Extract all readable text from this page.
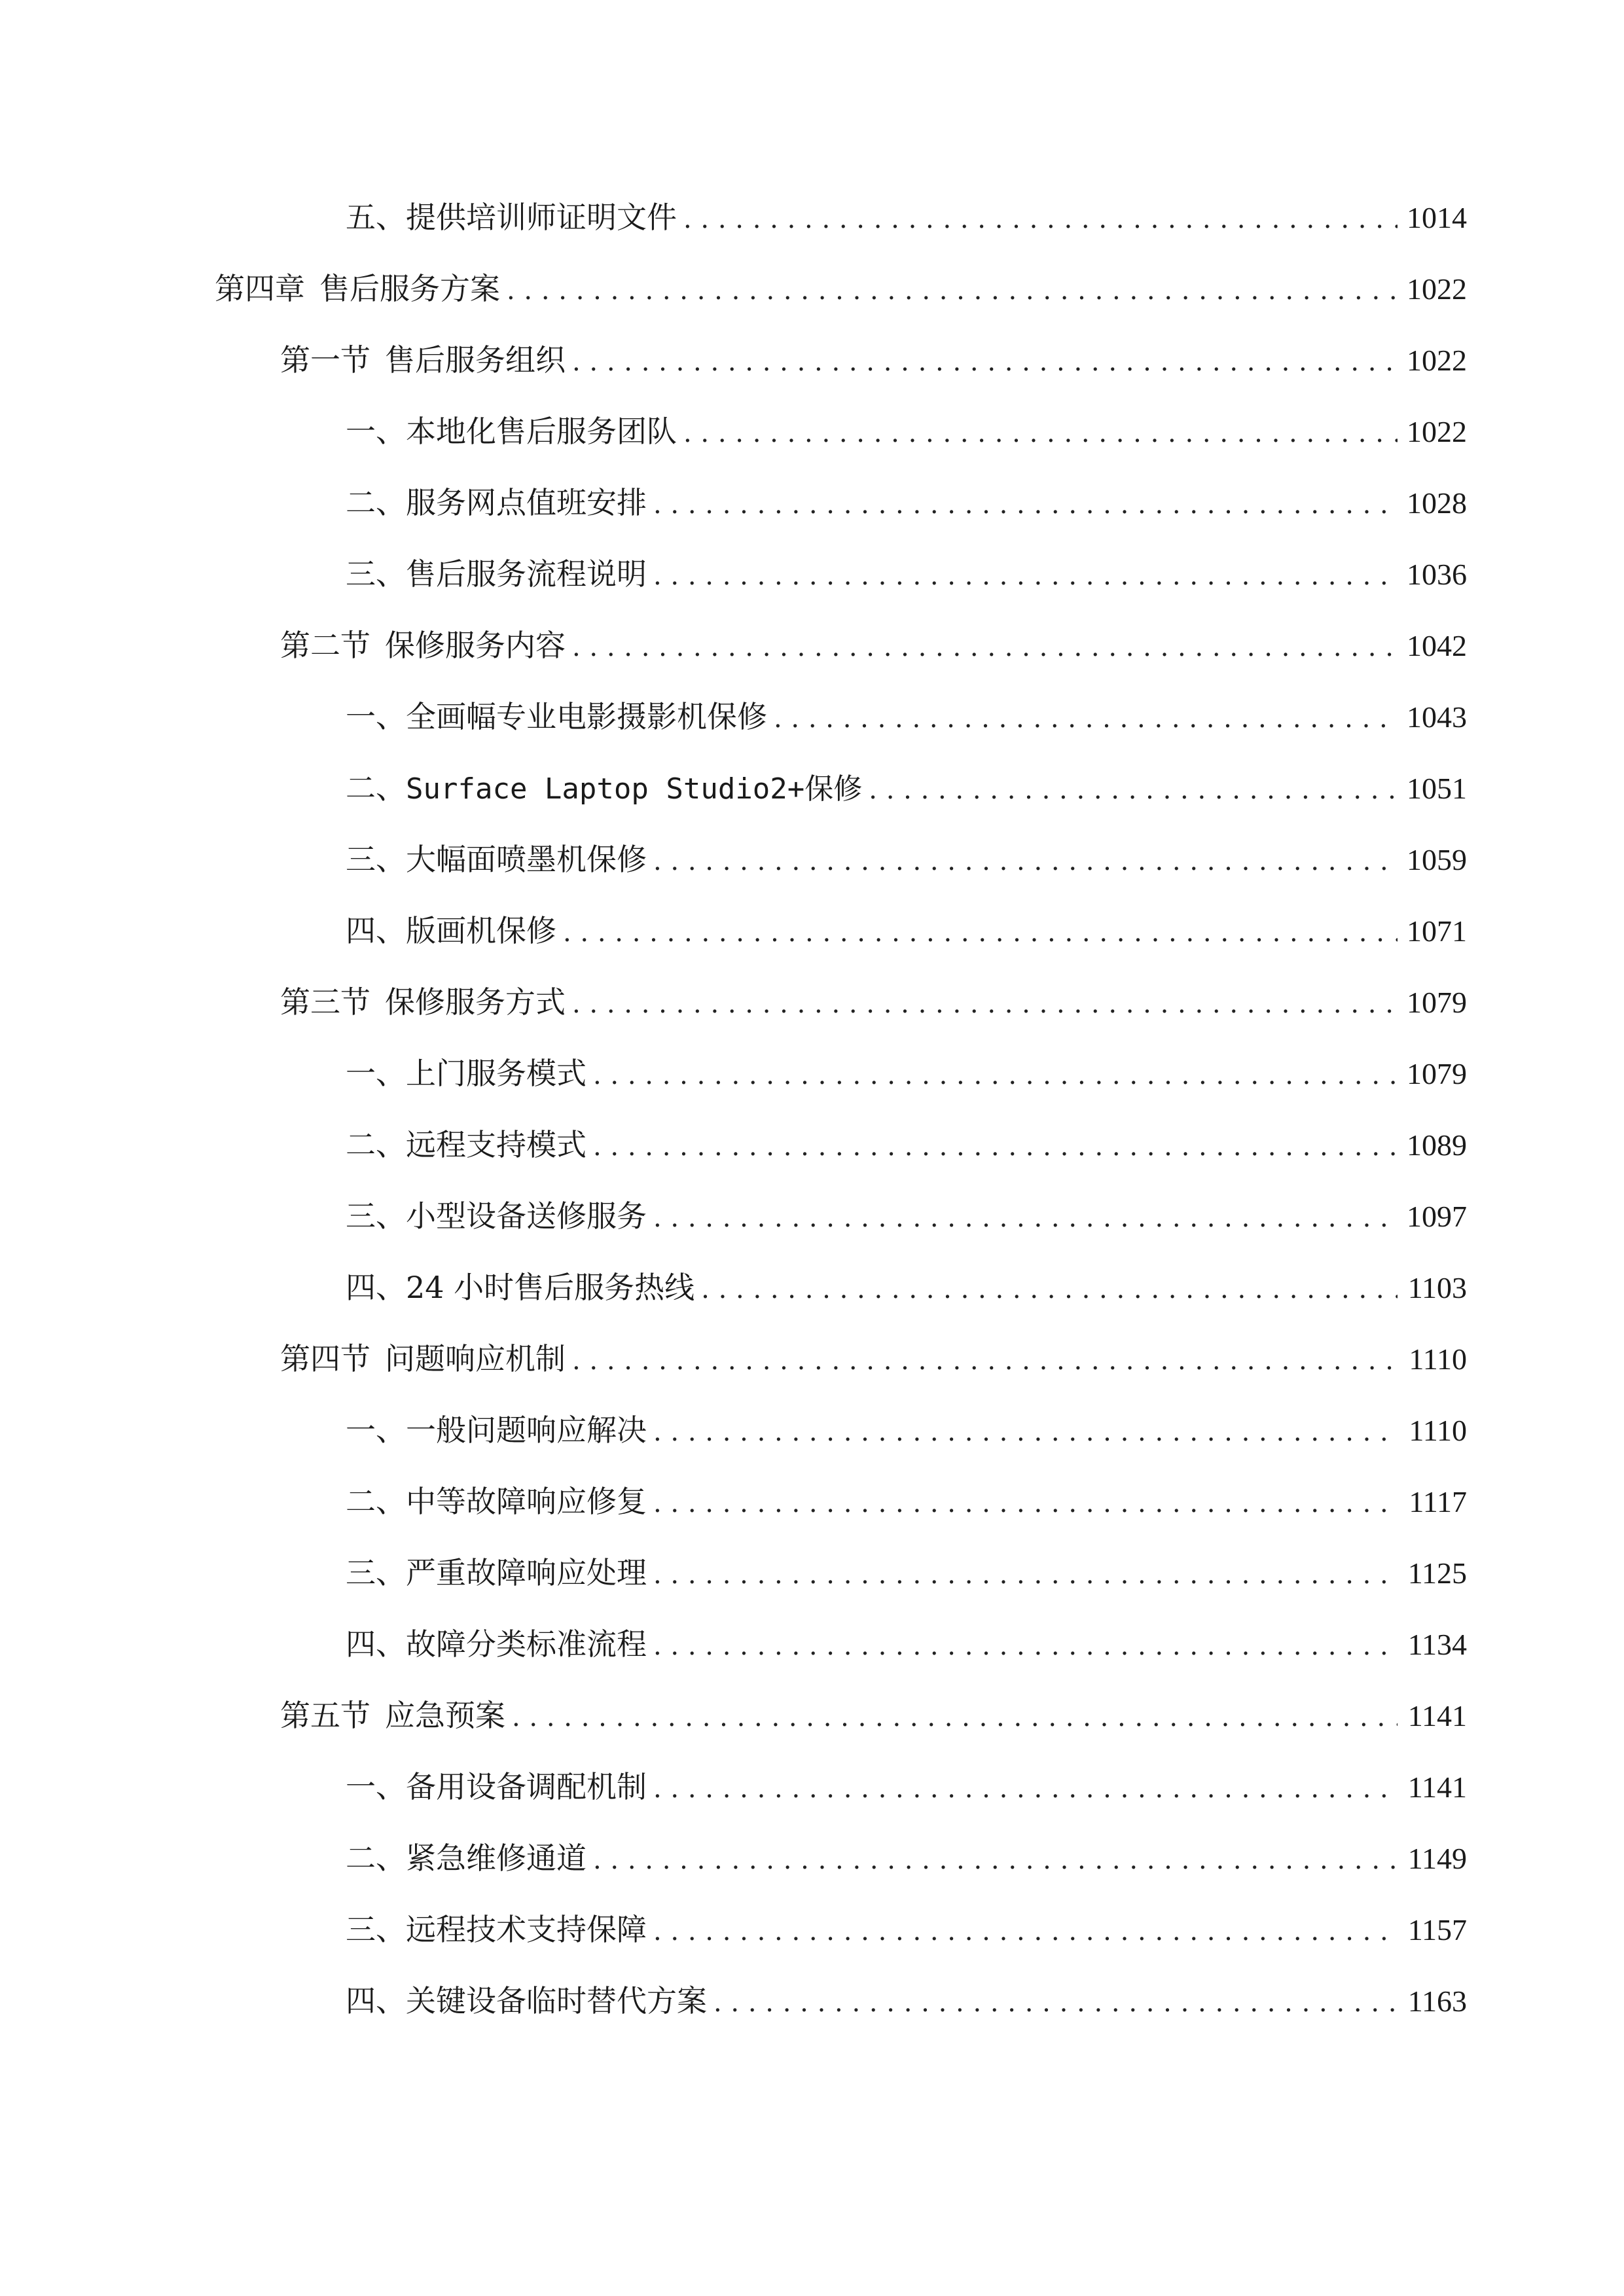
五、 提供培训师证明文件 . . .	1014
第四章 售后服务方案 . . .	1022
第一节 售后服务组织 . . .	1022
一、 本地化售后服务团队 . . .	1022
二、 服务网点值班安排 . . .	1028
三、 售后服务流程说明 . . .	1036
第二节 保修服务内容 . . .	1042
一、 全画幅专业电影摄影机保修 . . .	1043
二、 Surface Laptop Studio2+保修 . . .	1051
三、 大幅面喷墨机保修 . . .	1059
四、 版画机保修 . . .	1071
第三节 保修服务方式 . . .	1079
一、 上门服务模式 . . .	1079
二、 远程支持模式 . . .	1089
三、 小型设备送修服务 . . .	1097
四、 24 小时售后服务热线 . . .	1103
第四节 问题响应机制 . . .	1110
一、 一般问题响应解决 . . .	1110
二、 中等故障响应修复 . . .	1117
三、 严重故障响应处理 . . .	1125
四、 故障分类标准流程 . . .	1134
第五节 应急预案 . . .	1141
一、 备用设备调配机制 . . .	1141
二、 紧急维修通道 . . .	1149
三、 远程技术支持保障 . . .	1157
四、 关键设备临时替代方案 . . .	1163
